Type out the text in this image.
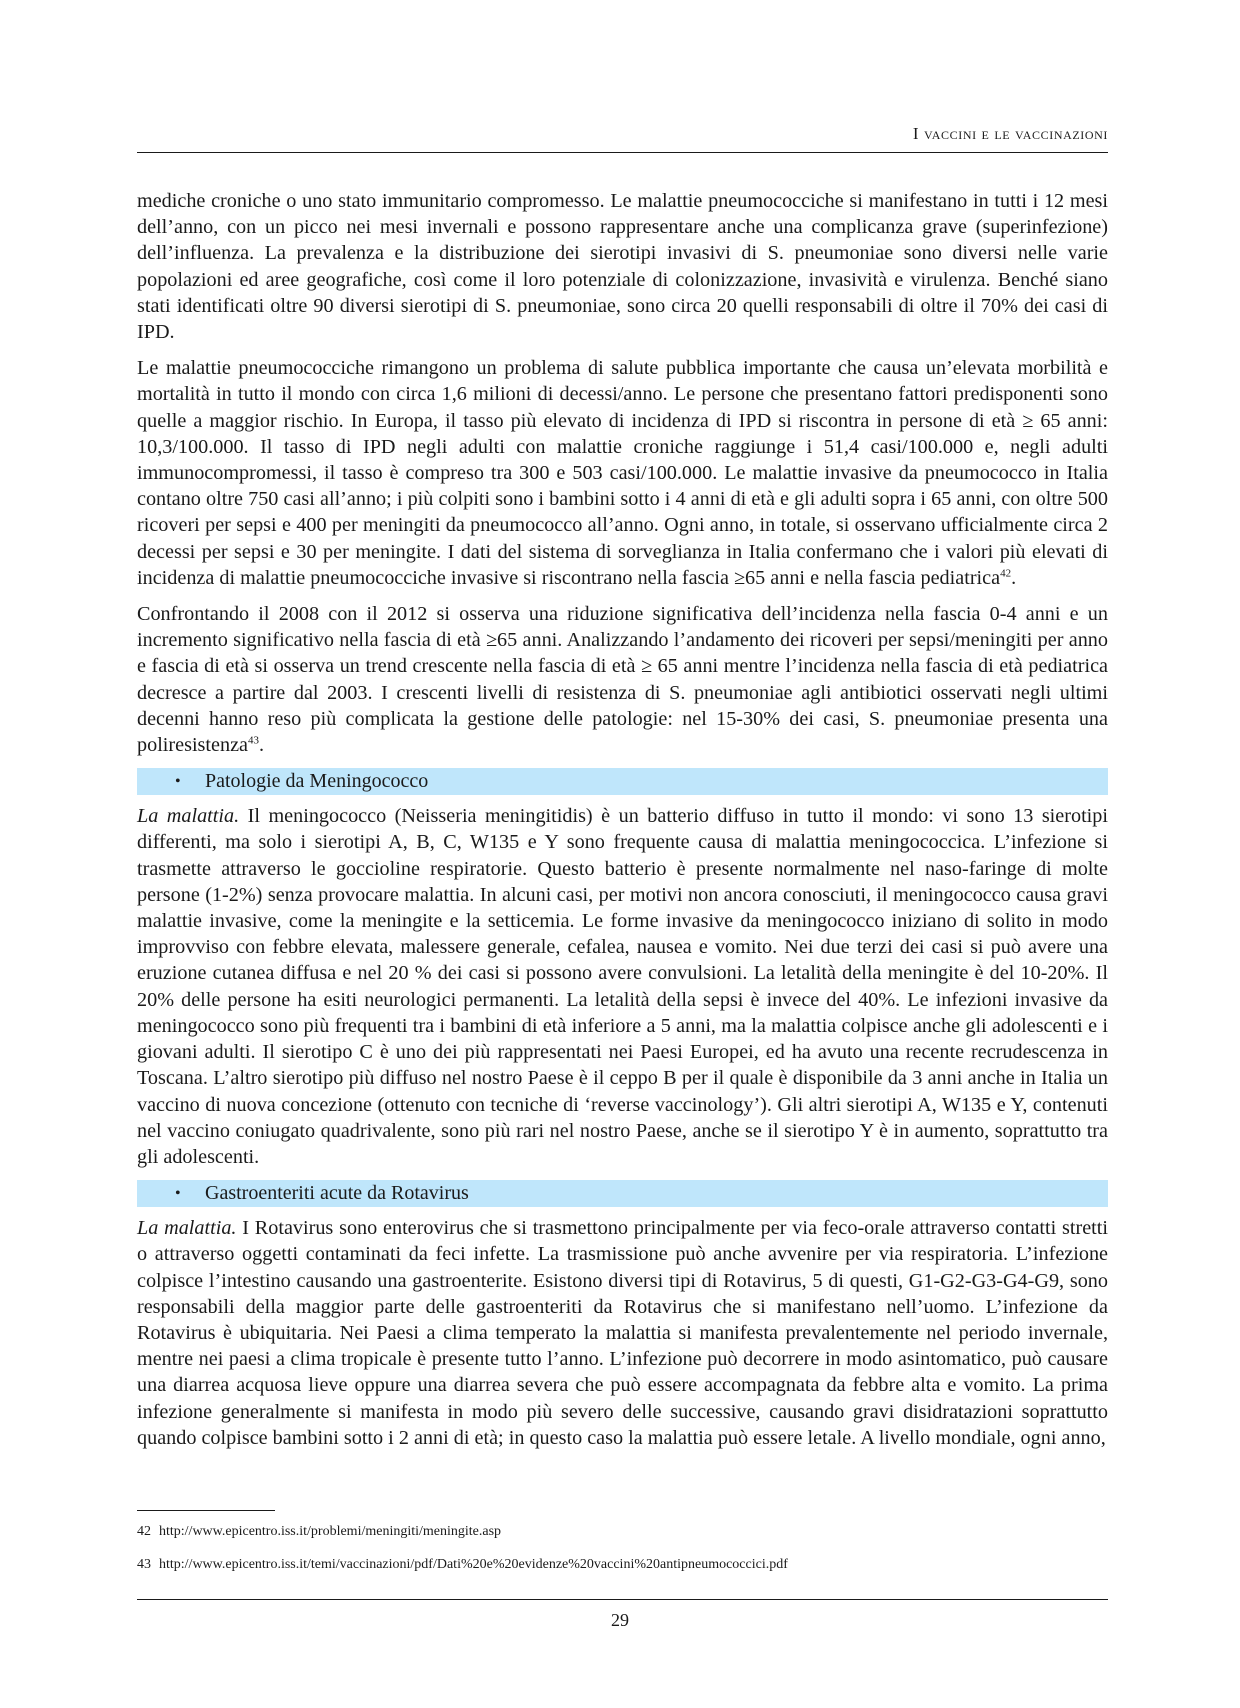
I vaccini e le vaccinazioni

mediche croniche o uno stato immunitario compromesso. Le malattie pneumococciche si manifestano in tutti i 12 mesi dell’anno, con un picco nei mesi invernali e possono rappresentare anche una complicanza grave (superinfezione) dell’influenza. La prevalenza e la distribuzione dei sierotipi invasivi di S. pneumoniae sono diversi nelle varie popolazioni ed aree geografiche, così come il loro potenziale di colonizzazione, invasività e virulenza. Benché siano stati identificati oltre 90 diversi sierotipi di S. pneumoniae, sono circa 20 quelli responsabili di oltre il 70% dei casi di IPD.

Le malattie pneumococciche rimangono un problema di salute pubblica importante che causa un’elevata morbilità e mortalità in tutto il mondo con circa 1,6 milioni di decessi/anno. Le persone che presentano fattori predisponenti sono quelle a maggior rischio. In Europa, il tasso più elevato di incidenza di IPD si riscontra in persone di età ≥ 65 anni: 10,3/100.000. Il tasso di IPD negli adulti con malattie croniche raggiunge i 51,4 casi/100.000 e, negli adulti immunocompromessi, il tasso è compreso tra 300 e 503 casi/100.000. Le malattie invasive da pneumococco in Italia contano oltre 750 casi all’anno; i più colpiti sono i bambini sotto i 4 anni di età e gli adulti sopra i 65 anni, con oltre 500 ricoveri per sepsi e 400 per meningiti da pneumococco all’anno. Ogni anno, in totale, si osservano ufficialmente circa 2 decessi per sepsi e 30 per meningite. I dati del sistema di sorveglianza in Italia confermano che i valori più elevati di incidenza di malattie pneumococciche invasive si riscontrano nella fascia ≥65 anni e nella fascia pediatrica$^{42}$.

Confrontando il 2008 con il 2012 si osserva una riduzione significativa dell’incidenza nella fascia 0-4 anni e un incremento significativo nella fascia di età ≥65 anni. Analizzando l’andamento dei ricoveri per sepsi/meningiti per anno e fascia di età si osserva un trend crescente nella fascia di età ≥ 65 anni mentre l’incidenza nella fascia di età pediatrica decresce a partire dal 2003. I crescenti livelli di resistenza di S. pneumoniae agli antibiotici osservati negli ultimi decenni hanno reso più complicata la gestione delle patologie: nel 15-30% dei casi, S. pneumoniae presenta una poliresistenza$^{43}$.

• Patologie da Meningococco

La malattia. Il meningococco (Neisseria meningitidis) è un batterio diffuso in tutto il mondo: vi sono 13 sierotipi differenti, ma solo i sierotipi A, B, C, W135 e Y sono frequente causa di malattia meningococcica. L’infezione si trasmette attraverso le goccioline respiratorie. Questo batterio è presente normalmente nel naso-faringe di molte persone (1-2%) senza provocare malattia. In alcuni casi, per motivi non ancora conosciuti, il meningococco causa gravi malattie invasive, come la meningite e la setticemia. Le forme invasive da meningococco iniziano di solito in modo improvviso con febbre elevata, malessere generale, cefalea, nausea e vomito. Nei due terzi dei casi si può avere una eruzione cutanea diffusa e nel 20 % dei casi si possono avere convulsioni. La letalità della meningite è del 10-20%. Il 20% delle persone ha esiti neurologici permanenti. La letalità della sepsi è invece del 40%. Le infezioni invasive da meningococco sono più frequenti tra i bambini di età inferiore a 5 anni, ma la malattia colpisce anche gli adolescenti e i giovani adulti. Il sierotipo C è uno dei più rappresentati nei Paesi Europei, ed ha avuto una recente recrudescenza in Toscana. L’altro sierotipo più diffuso nel nostro Paese è il ceppo B per il quale è disponibile da 3 anni anche in Italia un vaccino di nuova concezione (ottenuto con tecniche di ‘reverse vaccinology’). Gli altri sierotipi A, W135 e Y, contenuti nel vaccino coniugato quadrivalente, sono più rari nel nostro Paese, anche se il sierotipo Y è in aumento, soprattutto tra gli adolescenti.

• Gastroenteriti acute da Rotavirus

La malattia. I Rotavirus sono enterovirus che si trasmettono principalmente per via feco-orale attraverso contatti stretti o attraverso oggetti contaminati da feci infette. La trasmissione può anche avvenire per via respiratoria. L’infezione colpisce l’intestino causando una gastroenterite. Esistono diversi tipi di Rotavirus, 5 di questi, G1-G2-G3-G4-G9, sono responsabili della maggior parte delle gastroenteriti da Rotavirus che si manifestano nell’uomo. L’infezione da Rotavirus è ubiquitaria. Nei Paesi a clima temperato la malattia si manifesta prevalentemente nel periodo invernale, mentre nei paesi a clima tropicale è presente tutto l’anno. L’infezione può decorrere in modo asintomatico, può causare una diarrea acquosa lieve oppure una diarrea severa che può essere accompagnata da febbre alta e vomito. La prima infezione generalmente si manifesta in modo più severo delle successive, causando gravi disidratazioni soprattutto quando colpisce bambini sotto i 2 anni di età; in questo caso la malattia può essere letale. A livello mondiale, ogni anno,

42 http://www.epicentro.iss.it/problemi/meningiti/meningite.asp
43 http://www.epicentro.iss.it/temi/vaccinazioni/pdf/Dati%20e%20evidenze%20vaccini%20antipneumococcici.pdf
29
